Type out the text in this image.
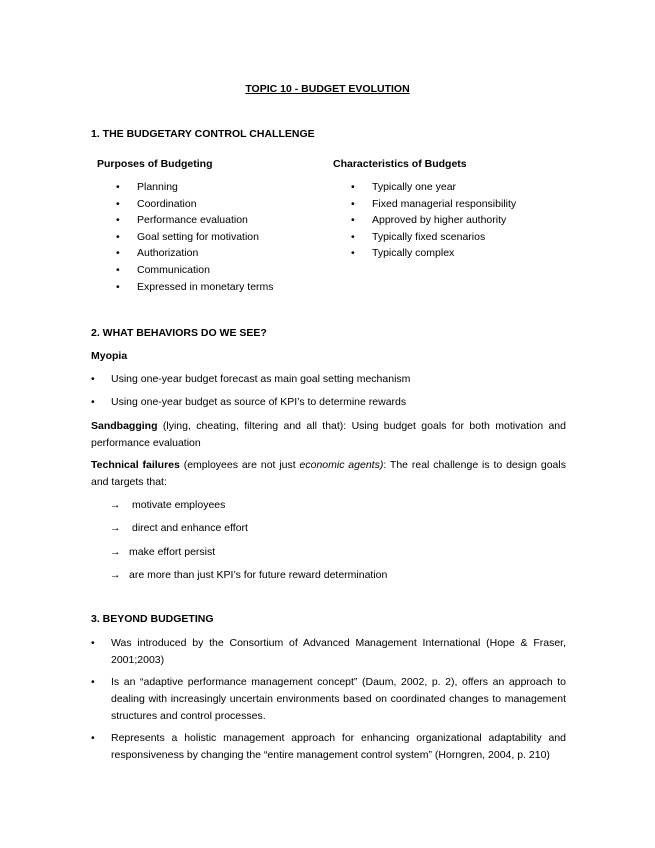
TOPIC 10 - BUDGET EVOLUTION
1. THE BUDGETARY CONTROL CHALLENGE
Purposes of Budgeting
• Planning
• Coordination
• Performance evaluation
• Goal setting for motivation
• Authorization
• Communication
• Expressed in monetary terms
Characteristics of Budgets
• Typically one year
• Fixed managerial responsibility
• Approved by higher authority
• Typically fixed scenarios
• Typically complex
2. WHAT BEHAVIORS DO WE SEE?
Myopia
• Using one-year budget forecast as main goal setting mechanism
• Using one-year budget as source of KPI’s to determine rewards
Sandbagging (lying, cheating, filtering and all that): Using budget goals for both motivation and performance evaluation
Technical failures (employees are not just economic agents): The real challenge is to design goals and targets that:
→ motivate employees
→ direct and enhance effort
→ make effort persist
→ are more than just KPI’s for future reward determination
3. BEYOND BUDGETING
• Was introduced by the Consortium of Advanced Management International (Hope & Fraser, 2001;2003)
• Is an “adaptive performance management concept” (Daum, 2002, p. 2), offers an approach to dealing with increasingly uncertain environments based on coordinated changes to management structures and control processes.
• Represents a holistic management approach for enhancing organizational adaptability and responsiveness by changing the “entire management control system” (Horngren, 2004, p. 210)
